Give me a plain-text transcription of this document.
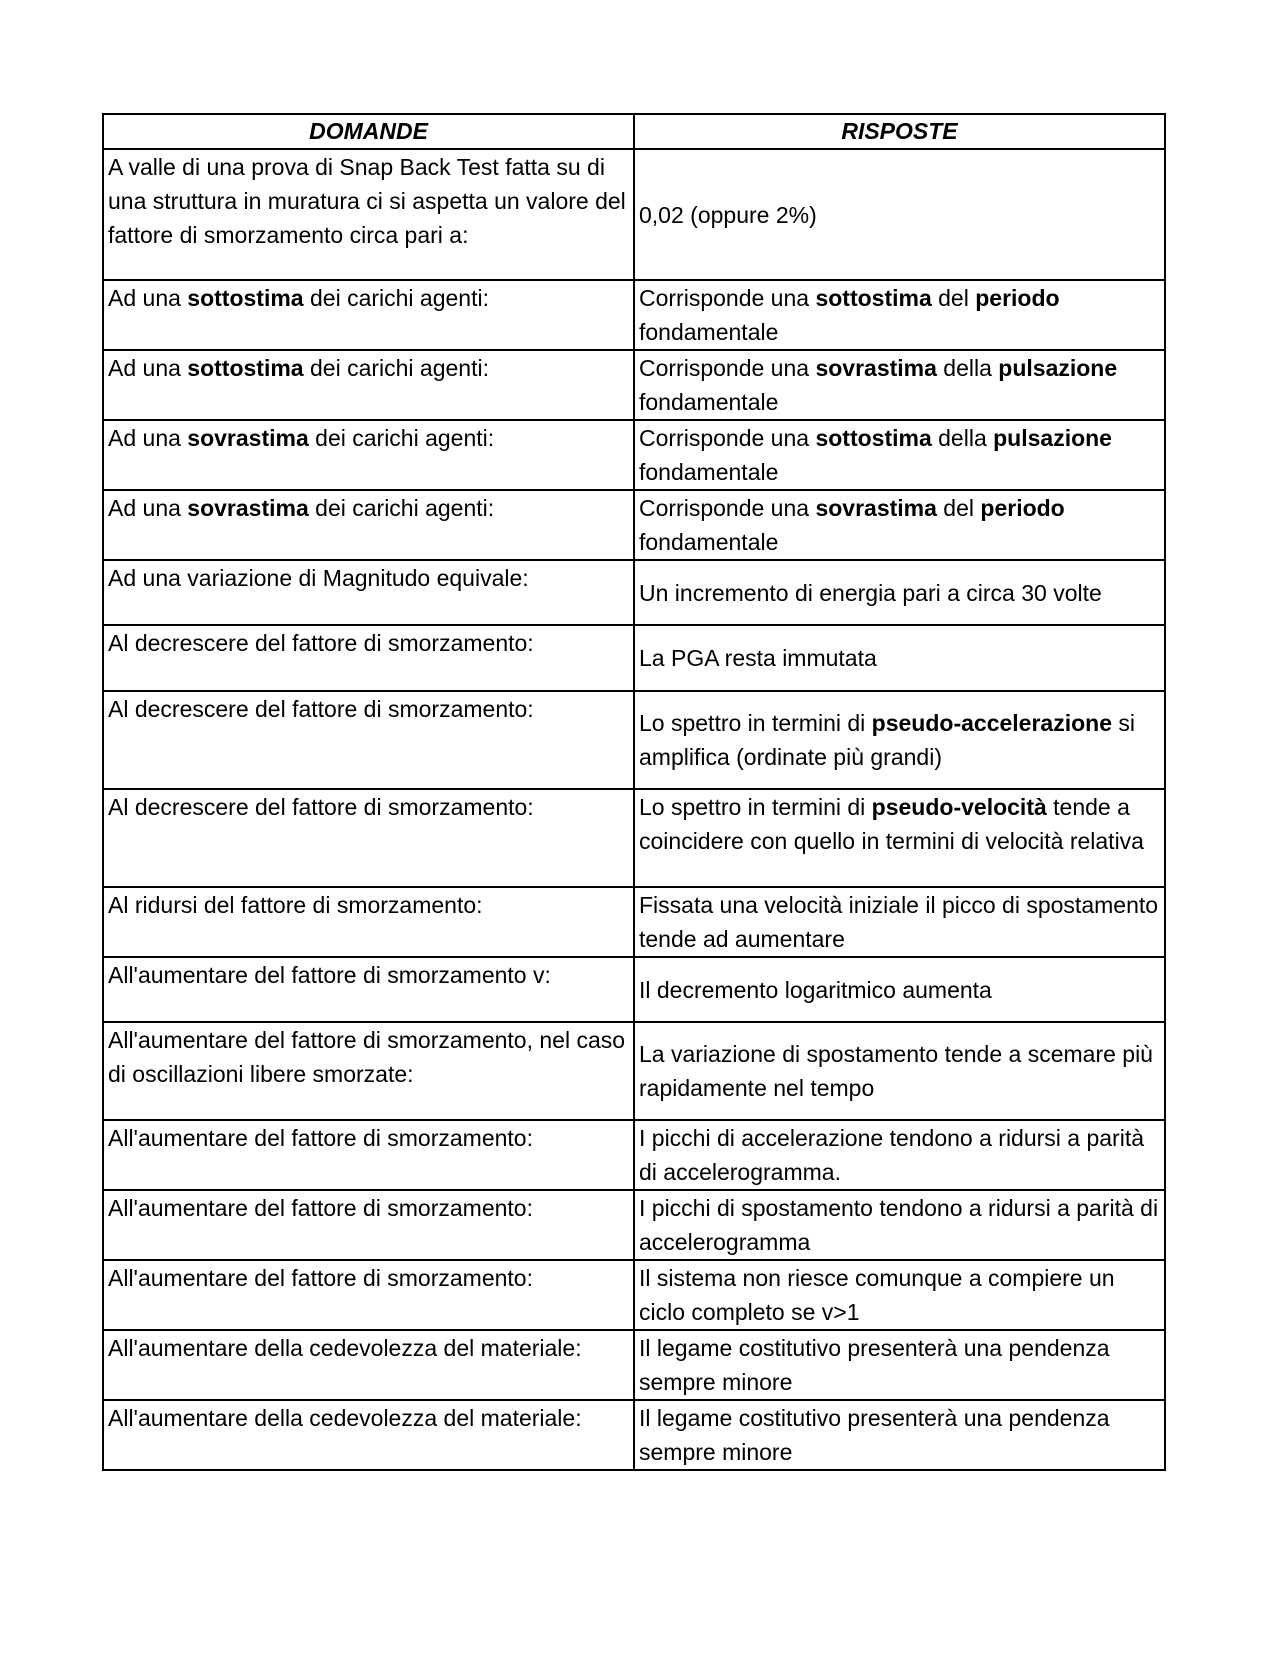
DOMANDE	RISPOSTE
A valle di una prova di Snap Back Test fatta su di una struttura in muratura ci si aspetta un valore del fattore di smorzamento circa pari a:	0,02 (oppure 2%)
Ad una sottostima dei carichi agenti:	Corrisponde una sottostima del periodo fondamentale
Ad una sottostima dei carichi agenti:	Corrisponde una sovrastima della pulsazione fondamentale
Ad una sovrastima dei carichi agenti:	Corrisponde una sottostima della pulsazione fondamentale
Ad una sovrastima dei carichi agenti:	Corrisponde una sovrastima del periodo fondamentale
Ad una variazione di Magnitudo equivale:	Un incremento di energia pari a circa 30 volte
Al decrescere del fattore di smorzamento:	La PGA resta immutata
Al decrescere del fattore di smorzamento:	Lo spettro in termini di pseudo-accelerazione si amplifica (ordinate più grandi)
Al decrescere del fattore di smorzamento:	Lo spettro in termini di pseudo-velocità tende a coincidere con quello in termini di velocità relativa
Al ridursi del fattore di smorzamento:	Fissata una velocità iniziale il picco di spostamento tende ad aumentare
All'aumentare del fattore di smorzamento v:	Il decremento logaritmico aumenta
All'aumentare del fattore di smorzamento, nel caso di oscillazioni libere smorzate:	La variazione di spostamento tende a scemare più rapidamente nel tempo
All'aumentare del fattore di smorzamento:	I picchi di accelerazione tendono a ridursi a parità di accelerogramma.
All'aumentare del fattore di smorzamento:	I picchi di spostamento tendono a ridursi a parità di accelerogramma
All'aumentare del fattore di smorzamento:	Il sistema non riesce comunque a compiere un ciclo completo se v>1
All'aumentare della cedevolezza del materiale:	Il legame costitutivo presenterà una pendenza sempre minore
All'aumentare della cedevolezza del materiale:	Il legame costitutivo presenterà una pendenza sempre minore
